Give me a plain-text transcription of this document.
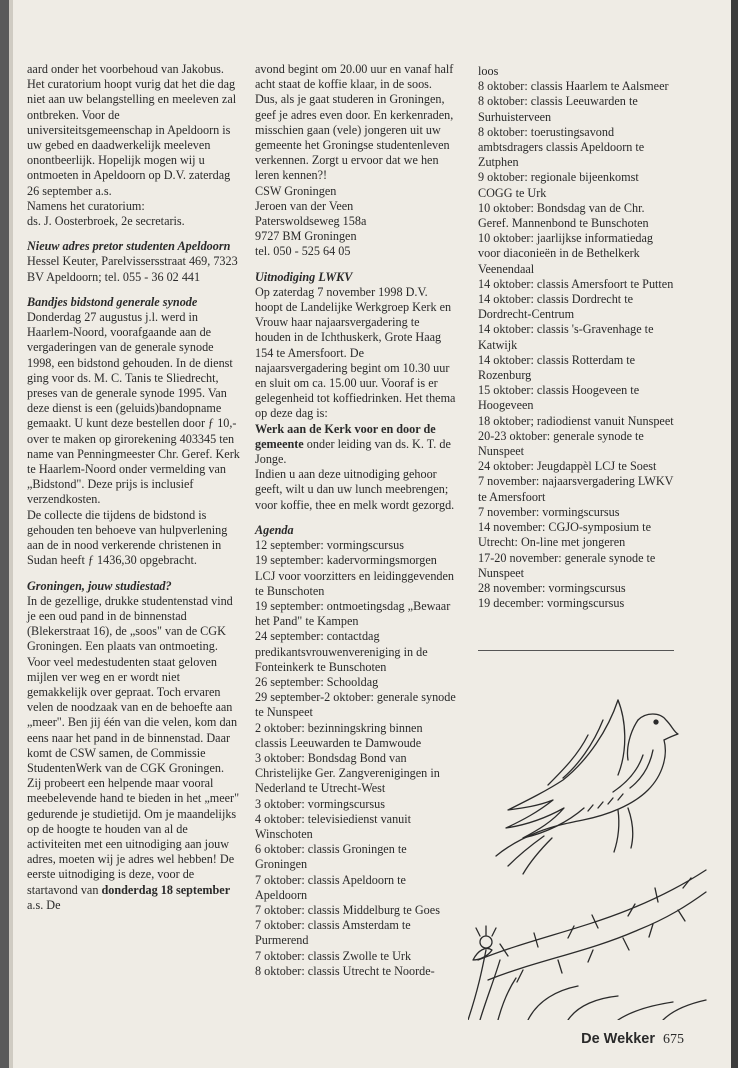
aard onder het voorbehoud van Jakobus.

Het curatorium hoopt vurig dat het die dag niet aan uw belangstelling en meeleven zal ontbreken. Voor de universiteitsgemeenschap in Apeldoorn is uw gebed en daadwerkelijk meeleven onontbeerlijk. Hopelijk mogen wij u ontmoeten in Apeldoorn op D.V. zaterdag 26 september a.s.

Namens het curatorium:

ds. J. Oosterbroek, 2e secretaris.

Nieuw adres pretor studenten Apeldoorn

Hessel Keuter, Parelvissersstraat 469, 7323 BV Apeldoorn; tel. 055 - 36 02 441

Bandjes bidstond generale synode

Donderdag 27 augustus j.l. werd in Haarlem-Noord, voorafgaande aan de vergaderingen van de generale synode 1998, een bidstond gehouden. In de dienst ging voor ds. M. C. Tanis te Sliedrecht, preses van de generale synode 1995. Van deze dienst is een (geluids)bandopname gemaakt. U kunt deze bestellen door ƒ 10,- over te maken op girorekening 403345 ten name van Penningmeester Chr. Geref. Kerk te Haarlem-Noord onder vermelding van „Bidstond". Deze prijs is inclusief verzendkosten.

De collecte die tijdens de bidstond is gehouden ten behoeve van hulpverlening aan de in nood verkerende christenen in Sudan heeft ƒ 1436,30 opgebracht.

Groningen, jouw studiestad?

In de gezellige, drukke studentenstad vind je een oud pand in de binnenstad (Blekerstraat 16), de „soos" van de CGK Groningen. Een plaats van ontmoeting. Voor veel medestudenten staat geloven mijlen ver weg en er wordt niet gemakkelijk over gepraat. Toch ervaren velen de noodzaak van en de behoefte aan „meer". Ben jij één van die velen, kom dan eens naar het pand in de binnenstad. Daar komt de CSW samen, de Commissie StudentenWerk van de CGK Groningen. Zij probeert een helpende maar vooral meebelevende hand te bieden in het „meer" gedurende je studietijd. Om je maandelijks op de hoogte te houden van al de activiteiten met een uitnodiging aan jouw adres, moeten wij je adres wel hebben! De eerste uitnodiging is deze, voor de startavond van donderdag 18 september a.s. De

avond begint om 20.00 uur en vanaf half acht staat de koffie klaar, in de soos.

Dus, als je gaat studeren in Groningen, geef je adres even door. En kerkenraden, misschien gaan (vele) jongeren uit uw gemeente het Groningse studentenleven verkennen. Zorgt u ervoor dat we hen leren kennen?!

CSW Groningen

Jeroen van der Veen

Paterswoldseweg 158a

9727 BM Groningen

tel. 050 - 525 64 05

Uitnodiging LWKV

Op zaterdag 7 november 1998 D.V. hoopt de Landelijke Werkgroep Kerk en Vrouw haar najaarsvergadering te houden in de Ichthuskerk, Grote Haag 154 te Amersfoort. De najaarsvergadering begint om 10.30 uur en sluit om ca. 15.00 uur. Vooraf is er gelegenheid tot koffiedrinken. Het thema op deze dag is:

Werk aan de Kerk voor en door de gemeente onder leiding van ds. K. T. de Jonge.

Indien u aan deze uitnodiging gehoor geeft, wilt u dan uw lunch meebrengen; voor koffie, thee en melk wordt gezorgd.

Agenda

12 september: vormingscursus

19 september: kadervormingsmorgen LCJ voor voorzitters en leidinggevenden te Bunschoten

19 september: ontmoetingsdag „Bewaar het Pand" te Kampen

24 september: contactdag predikantsvrouwenvereniging in de Fonteinkerk te Bunschoten

26 september: Schooldag

29 september-2 oktober: generale synode te Nunspeet

2 oktober: bezinningskring binnen classis Leeuwarden te Damwoude

3 oktober: Bondsdag Bond van Christelijke Ger. Zangverenigingen in Nederland te Utrecht-West

3 oktober: vormingscursus

4 oktober: televisiedienst vanuit Winschoten

6 oktober: classis Groningen te Groningen

7 oktober: classis Apeldoorn te Apeldoorn

7 oktober: classis Middelburg te Goes

7 oktober: classis Amsterdam te Purmerend

7 oktober: classis Zwolle te Urk

8 oktober: classis Utrecht te Noorde-

loos

8 oktober: classis Haarlem te Aalsmeer

8 oktober: classis Leeuwarden te Surhuisterveen

8 oktober: toerustingsavond ambtsdragers classis Apeldoorn te Zutphen

9 oktober: regionale bijeenkomst COGG te Urk

10 oktober: Bondsdag van de Chr. Geref. Mannenbond te Bunschoten

10 oktober: jaarlijkse informatiedag voor diaconieën in de Bethelkerk Veenendaal

14 oktober: classis Amersfoort te Putten

14 oktober: classis Dordrecht te Dordrecht-Centrum

14 oktober: classis 's-Gravenhage te Katwijk

14 oktober: classis Rotterdam te Rozenburg

15 oktober: classis Hoogeveen te Hoogeveen

18 oktober; radiodienst vanuit Nunspeet

20-23 oktober: generale synode te Nunspeet

24 oktober: Jeugdappèl LCJ te Soest

7 november: najaarsvergadering LWKV te Amersfoort

7 november: vormingscursus

14 november: CGJO-symposium te Utrecht: On-line met jongeren

17-20 november: generale synode te Nunspeet

28 november: vormingscursus

19 december: vormingscursus

De Wekker 675
